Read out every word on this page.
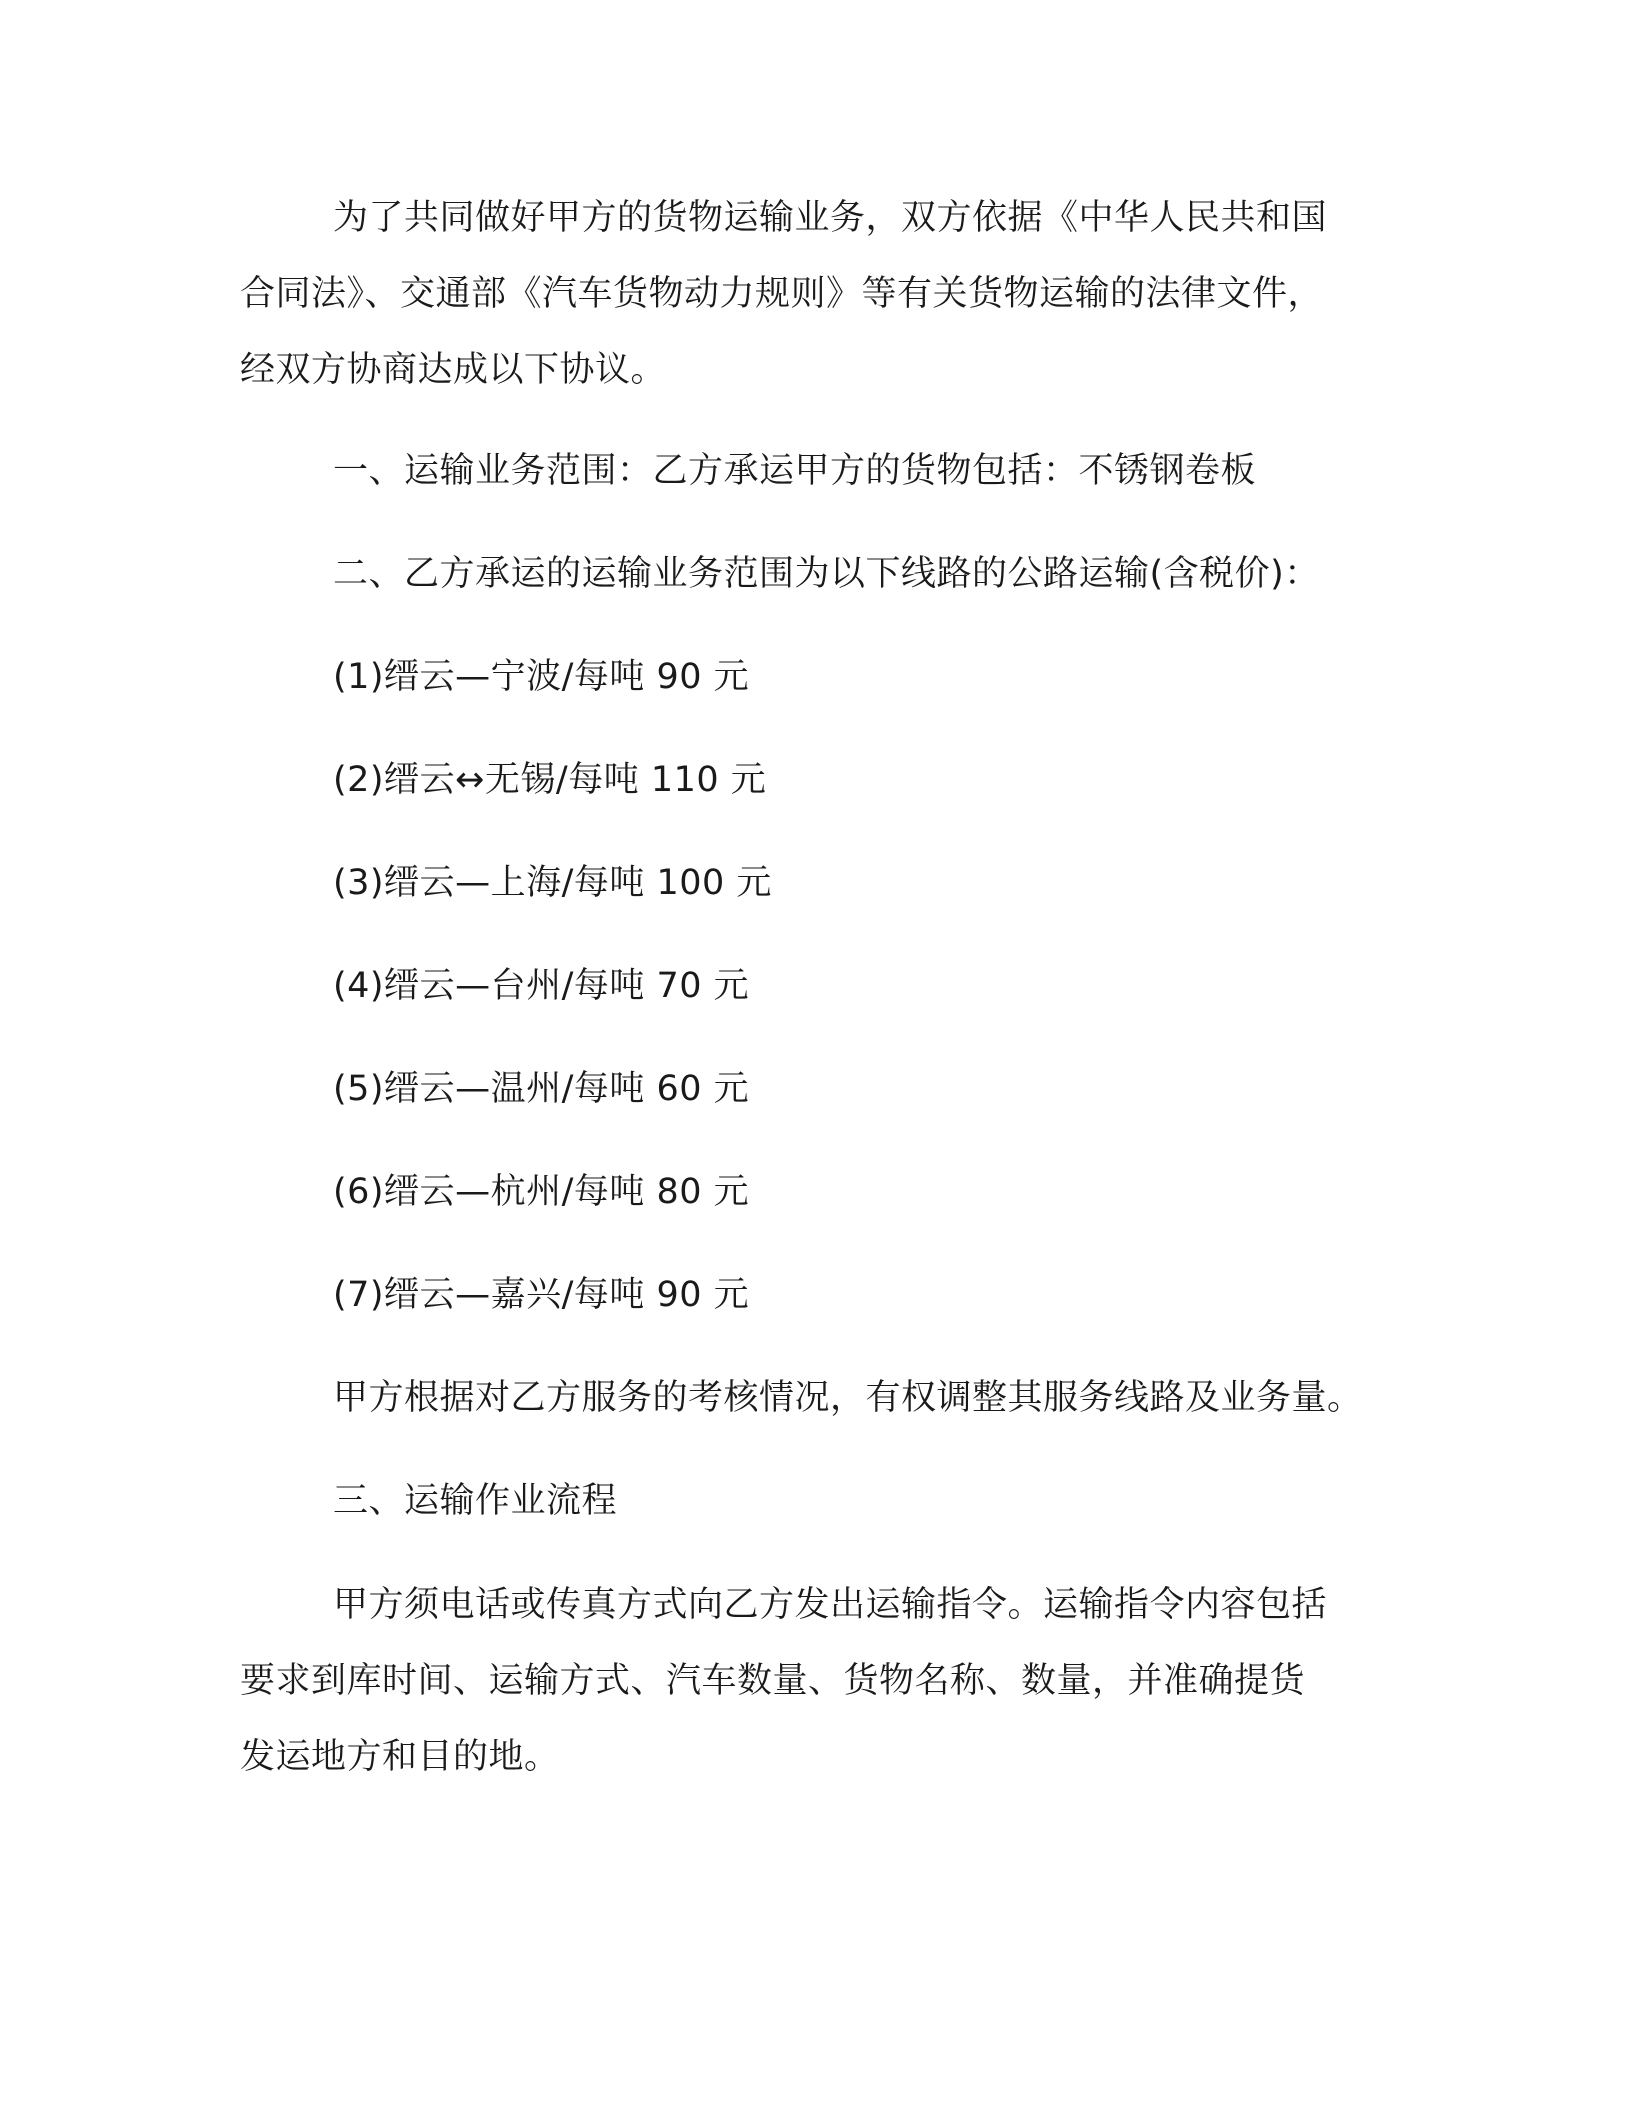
为了共同做好甲方的货物运输业务，双方依据《中华人民共和国
合同法》、交通部《汽车货物动力规则》等有关货物运输的法律文件，
经双方协商达成以下协议。
一、运输业务范围：乙方承运甲方的货物包括：不锈钢卷板
二、乙方承运的运输业务范围为以下线路的公路运输(含税价)：
(1)缙云—宁波/每吨 90 元
(2)缙云↔无锡/每吨 110 元
(3)缙云—上海/每吨 100 元
(4)缙云—台州/每吨 70 元
(5)缙云—温州/每吨 60 元
(6)缙云—杭州/每吨 80 元
(7)缙云—嘉兴/每吨 90 元
甲方根据对乙方服务的考核情况，有权调整其服务线路及业务量。
三、运输作业流程
甲方须电话或传真方式向乙方发出运输指令。运输指令内容包括
要求到库时间、运输方式、汽车数量、货物名称、数量，并准确提货
发运地方和目的地。
